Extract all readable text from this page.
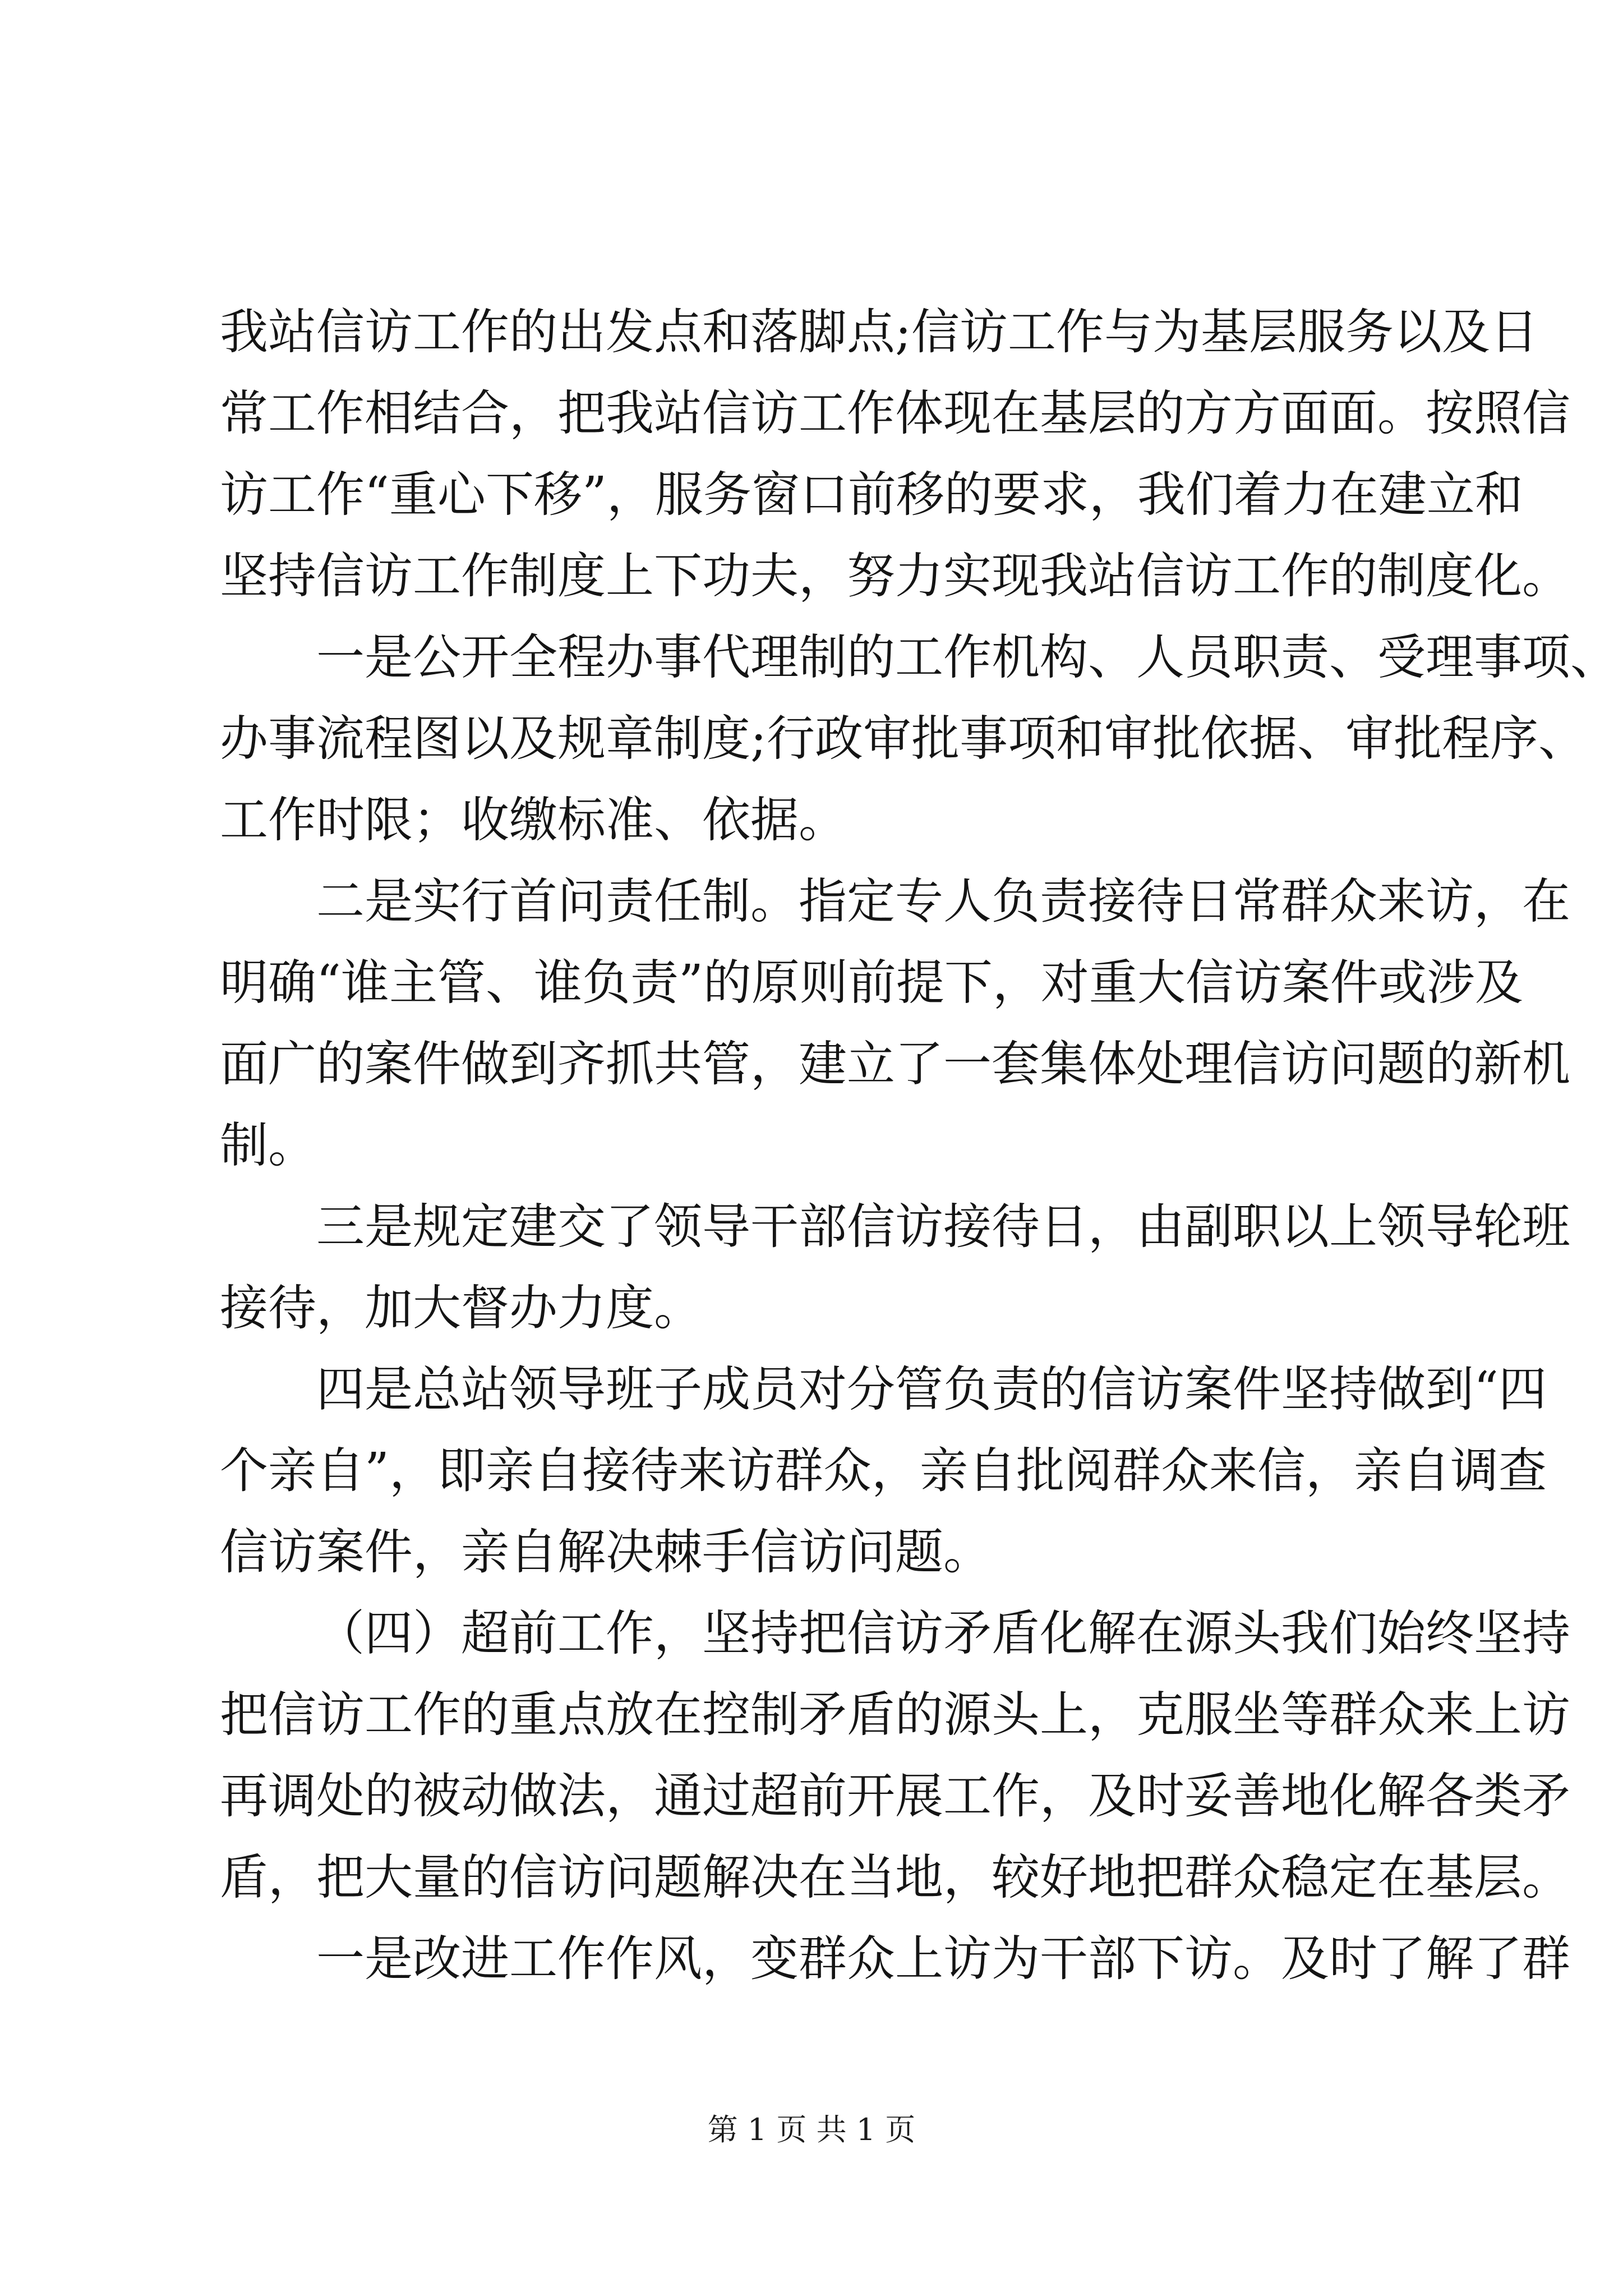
我站信访工作的出发点和落脚点;信访工作与为基层服务以及日
常工作相结合，把我站信访工作体现在基层的方方面面。按照信
访工作“重心下移”，服务窗口前移的要求，我们着力在建立和
坚持信访工作制度上下功夫，努力实现我站信访工作的制度化。
一是公开全程办事代理制的工作机构、人员职责、受理事项、
办事流程图以及规章制度;行政审批事项和审批依据、审批程序、
工作时限；收缴标准、依据。
二是实行首问责任制。指定专人负责接待日常群众来访，在
明确“谁主管、谁负责”的原则前提下，对重大信访案件或涉及
面广的案件做到齐抓共管，建立了一套集体处理信访问题的新机
制。
三是规定建交了领导干部信访接待日，由副职以上领导轮班
接待，加大督办力度。
四是总站领导班子成员对分管负责的信访案件坚持做到“四
个亲自”，即亲自接待来访群众，亲自批阅群众来信，亲自调查
信访案件，亲自解决棘手信访问题。
（四）超前工作，坚持把信访矛盾化解在源头我们始终坚持
把信访工作的重点放在控制矛盾的源头上，克服坐等群众来上访
再调处的被动做法，通过超前开展工作，及时妥善地化解各类矛
盾，把大量的信访问题解决在当地，较好地把群众稳定在基层。
一是改进工作作风，变群众上访为干部下访。及时了解了群
第 1 页 共 1 页
